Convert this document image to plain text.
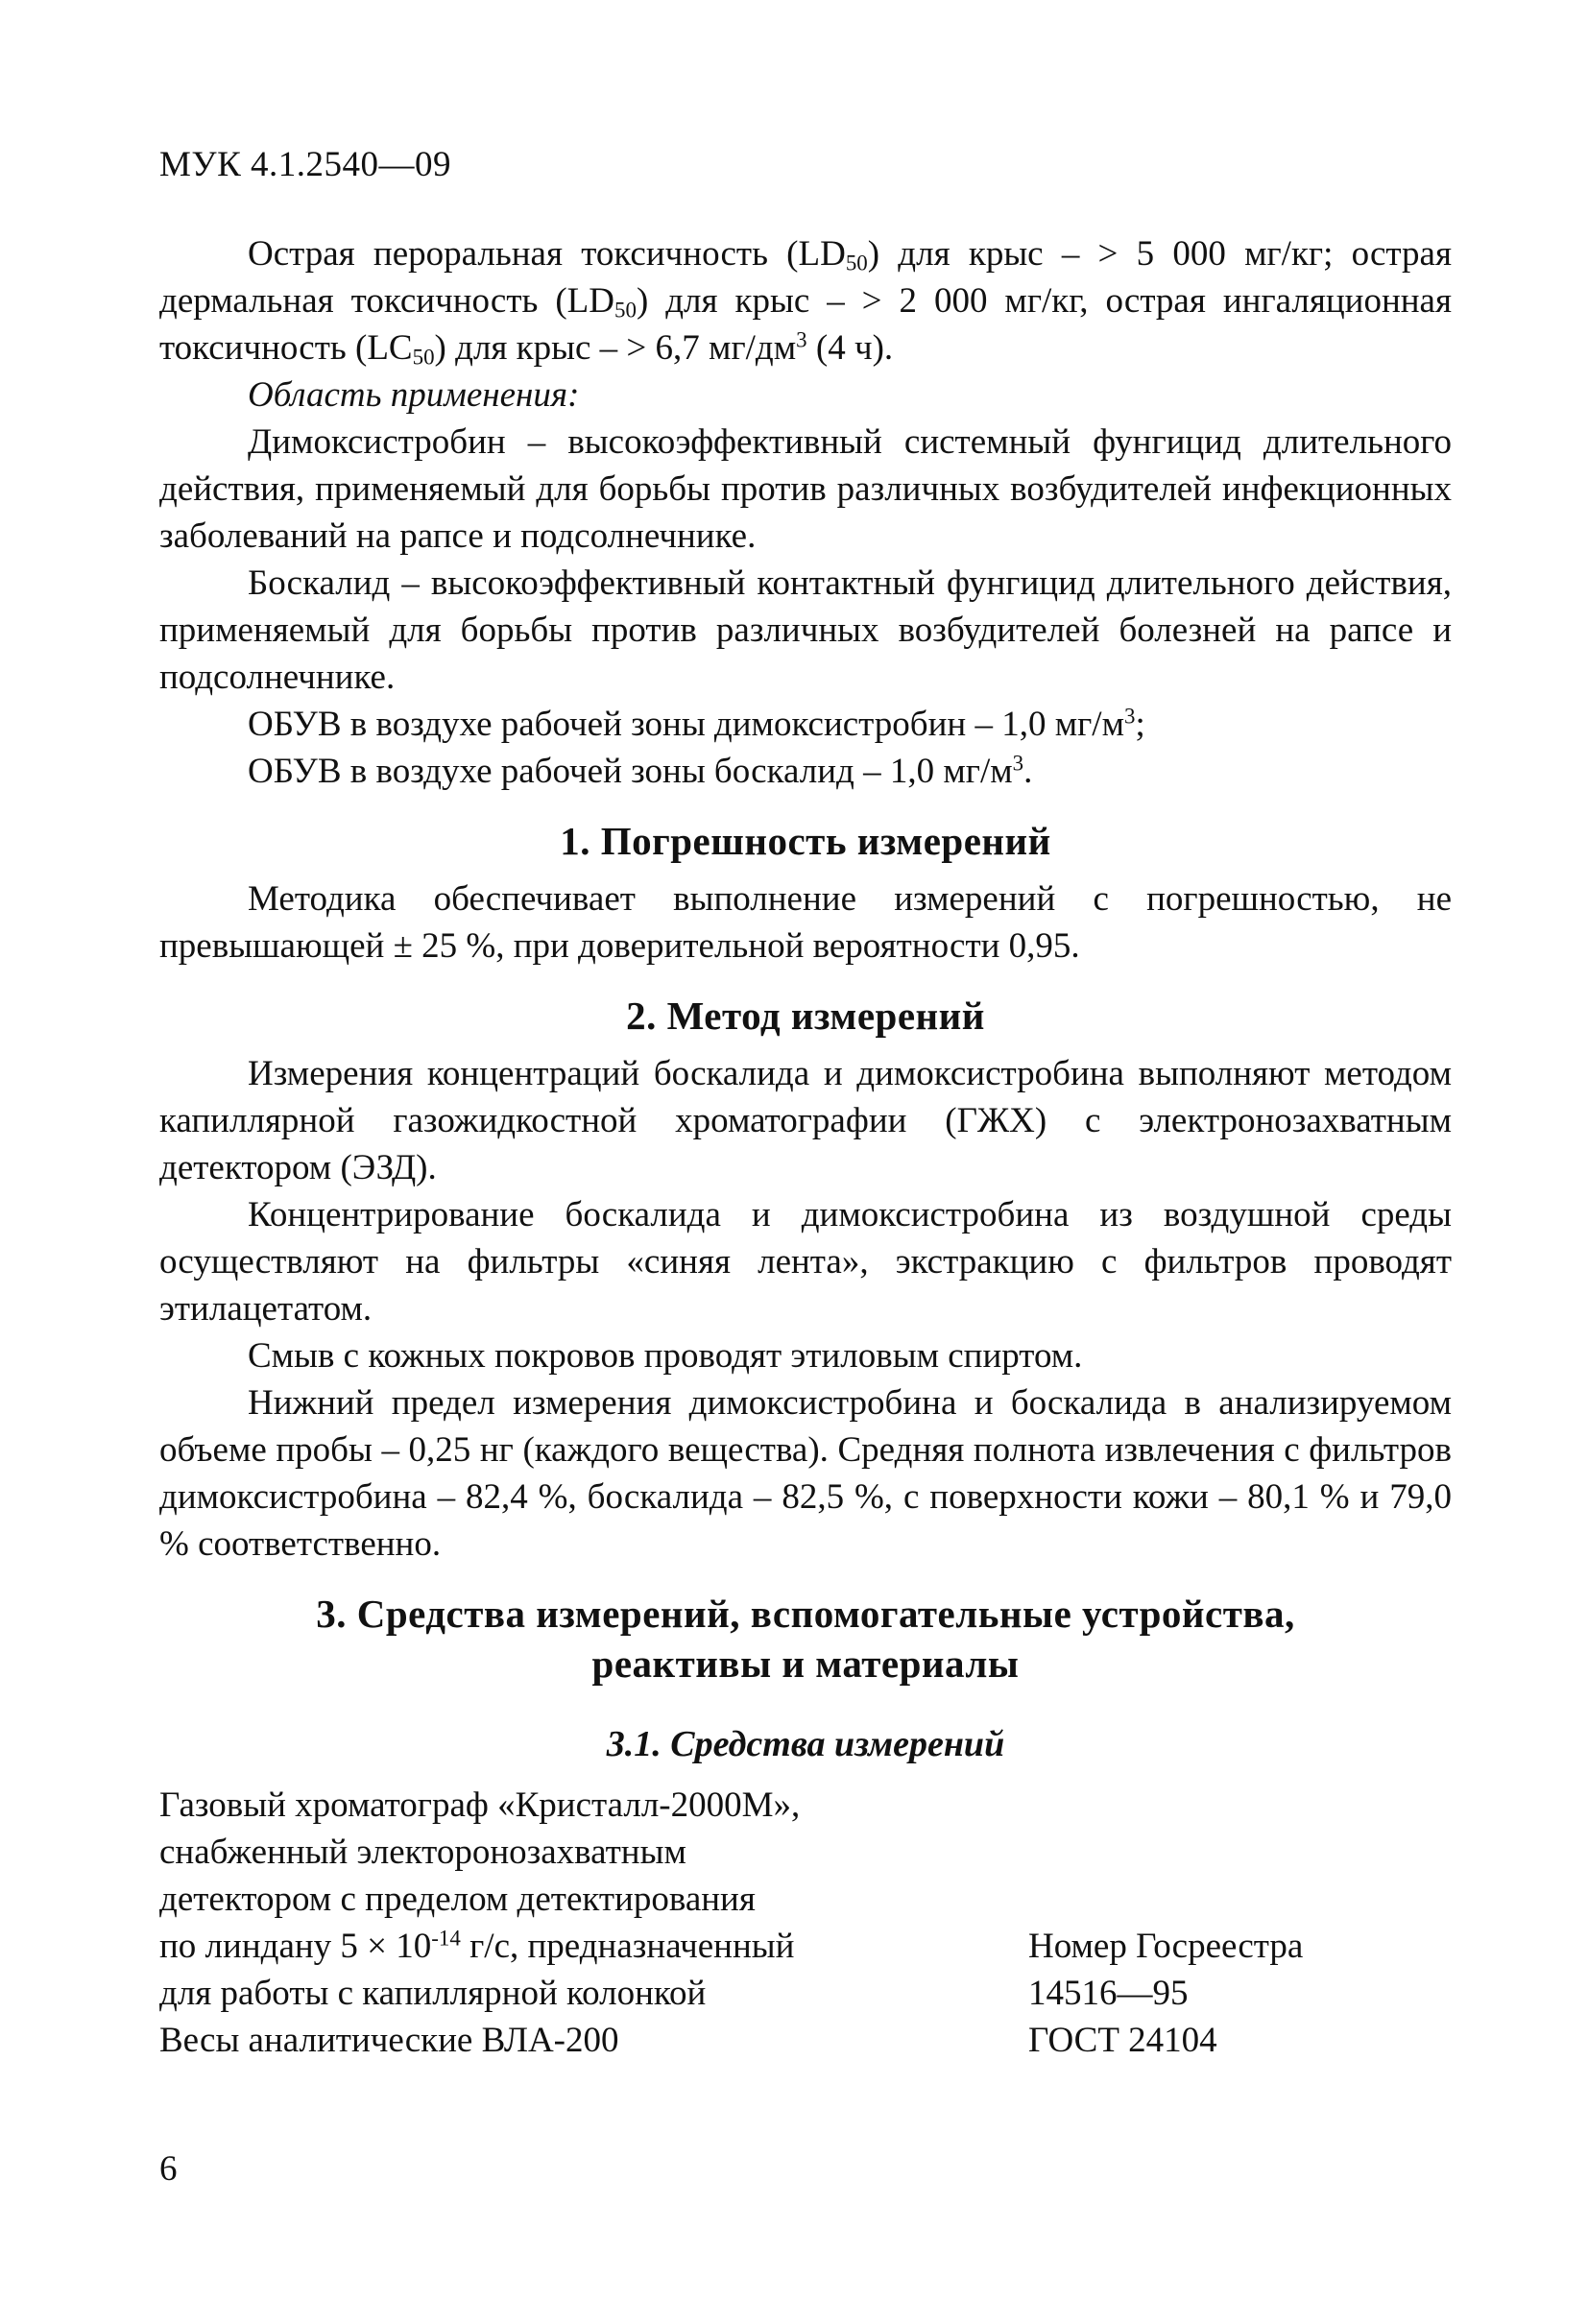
МУК 4.1.2540—09

Острая пероральная токсичность $(LD_{50})$ для крыс – > 5 000 мг/кг; острая дермальная токсичность $(LD_{50})$ для крыс – > 2 000 мг/кг, острая ингаляционная токсичность $(LC_{50})$ для крыс – > 6,7 $мг/дм^3$ (4 ч).

Область применения:

Димоксистробин – высокоэффективный системный фунгицид длительного действия, применяемый для борьбы против различных возбудителей инфекционных заболеваний на рапсе и подсолнечнике.

Боскалид – высокоэффективный контактный фунгицид длительного действия, применяемый для борьбы против различных возбудителей болезней на рапсе и подсолнечнике.

ОБУВ в воздухе рабочей зоны димоксистробин – 1,0 $мг/м^3$;

ОБУВ в воздухе рабочей зоны боскалид – 1,0 $мг/м^3$.

1. Погрешность измерений

Методика обеспечивает выполнение измерений с погрешностью, не превышающей ± 25 %, при доверительной вероятности 0,95.

2. Метод измерений

Измерения концентраций боскалида и димоксистробина выполняют методом капиллярной газожидкостной хроматографии (ГЖХ) с электронозахватным детектором (ЭЗД).

Концентрирование боскалида и димоксистробина из воздушной среды осуществляют на фильтры «синяя лента», экстракцию с фильтров проводят этилацетатом.

Смыв с кожных покровов проводят этиловым спиртом.

Нижний предел измерения димоксистробина и боскалида в анализируемом объеме пробы – 0,25 нг (каждого вещества). Средняя полнота извлечения с фильтров димоксистробина – 82,4 %, боскалида – 82,5 %, с поверхности кожи – 80,1 % и 79,0 % соответственно.

3. Средства измерений, вспомогательные устройства,
реактивы и материалы
3.1. Средства измерений
Газовый хроматограф «Кристалл-2000М»,
снабженный электоронозахватным
детектором с пределом детектирования
по линдану $5 \times 10^{-14}$ г/с, предназначенный
для работы с капиллярной колонкой
Весы аналитические ВЛА-200
Номер Госреестра
14516—95
ГОСТ 24104
6
